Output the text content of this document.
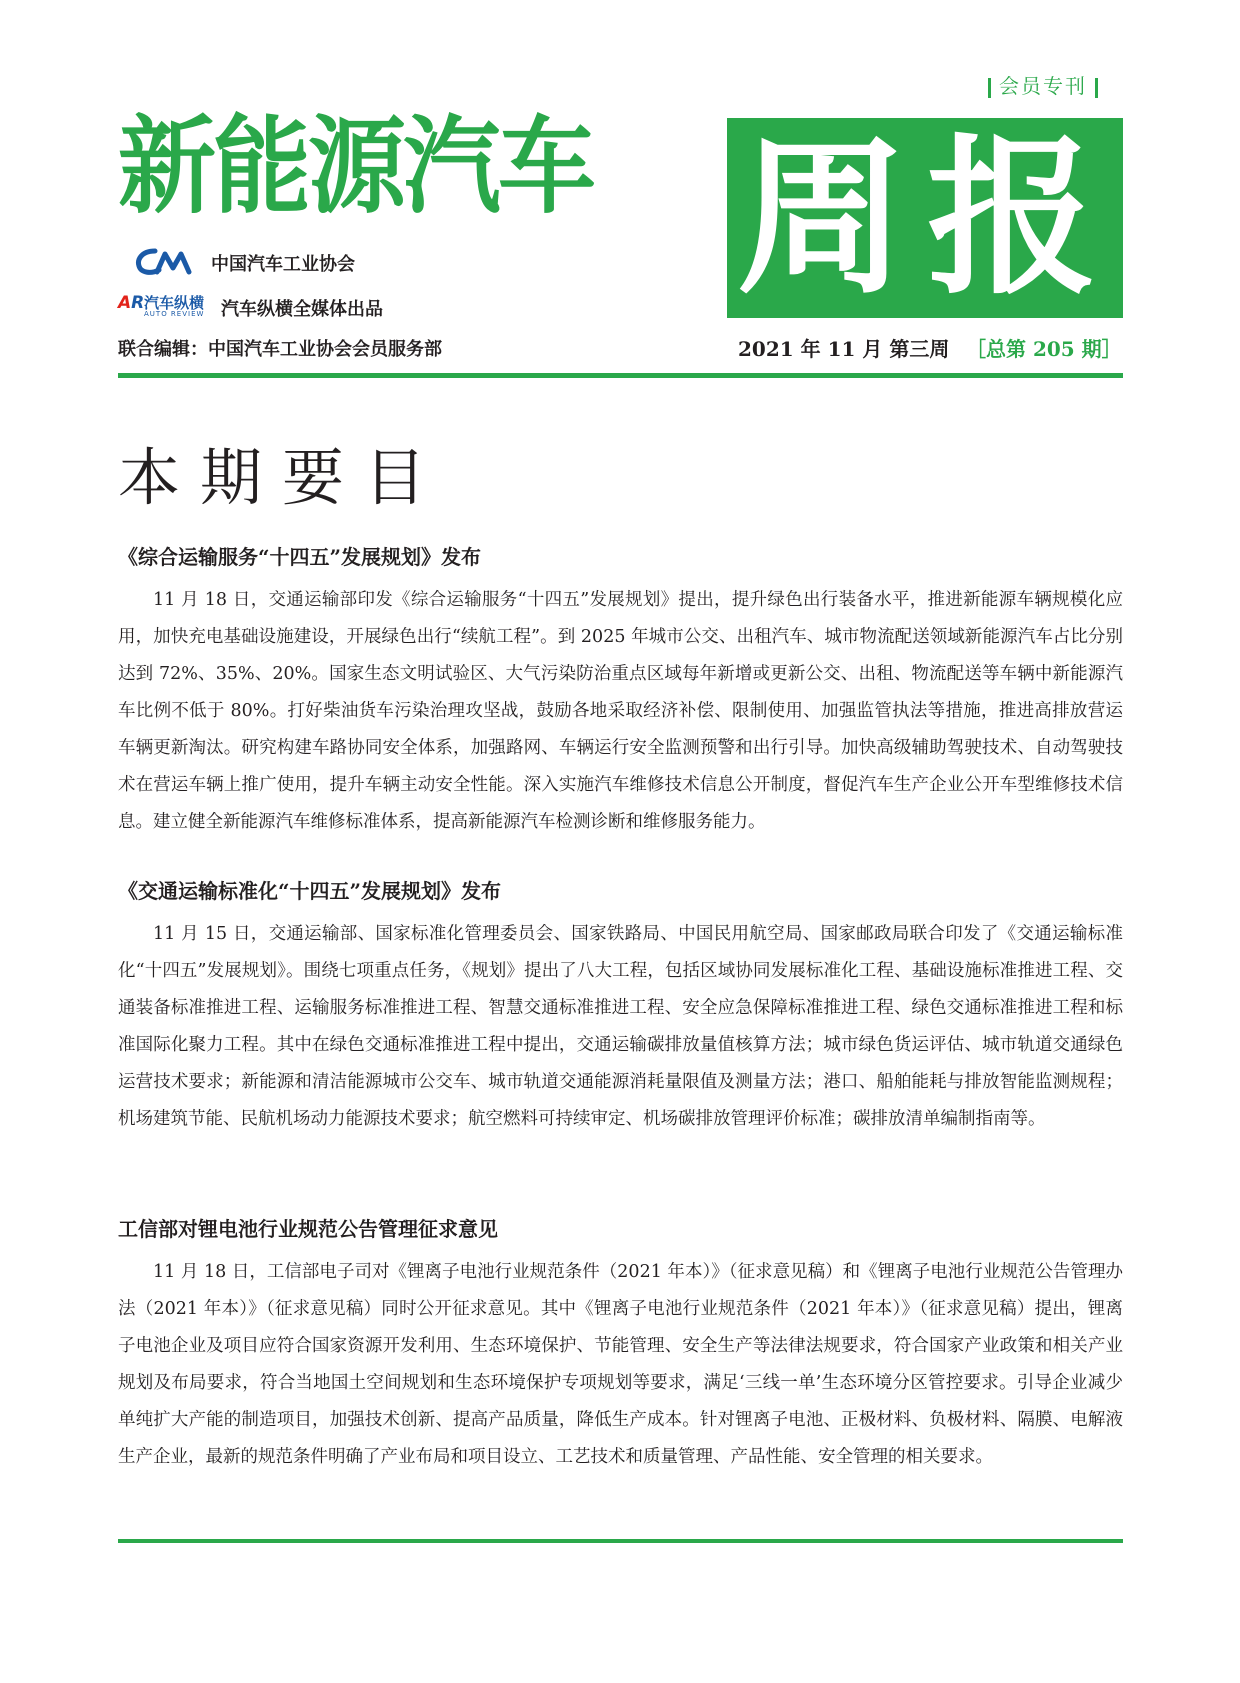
会员专刊
新能源汽车 周 报
中国汽车工业协会
AR 汽车纵横
AUTO REVIEW 汽车纵横全媒体出品
联合编辑：中国汽车工业协会会员服务部	2021 年 11 月 第三周 ［总第 205 期］
本期要目
《综合运输服务“十四五”发展规划》发布

11 月 18 日，交通运输部印发《综合运输服务“十四五”发展规划》提出，提升绿色出行装备水平，推进新能源车辆规模化应用，加快充电基础设施建设，开展绿色出行“续航工程”。到 2025 年城市公交、出租汽车、城市物流配送领域新能源汽车占比分别达到 72%、35%、20%。国家生态文明试验区、大气污染防治重点区域每年新增或更新公交、出租、物流配送等车辆中新能源汽车比例不低于 80%。打好柴油货车污染治理攻坚战，鼓励各地采取经济补偿、限制使用、加强监管执法等措施，推进高排放营运车辆更新淘汰。研究构建车路协同安全体系，加强路网、车辆运行安全监测预警和出行引导。加快高级辅助驾驶技术、自动驾驶技术在营运车辆上推广使用，提升车辆主动安全性能。深入实施汽车维修技术信息公开制度，督促汽车生产企业公开车型维修技术信息。建立健全新能源汽车维修标准体系，提高新能源汽车检测诊断和维修服务能力。

《交通运输标准化“十四五”发展规划》发布

11 月 15 日，交通运输部、国家标准化管理委员会、国家铁路局、中国民用航空局、国家邮政局联合印发了《交通运输标准化“十四五”发展规划》。围绕七项重点任务，《规划》提出了八大工程，包括区域协同发展标准化工程、基础设施标准推进工程、交通装备标准推进工程、运输服务标准推进工程、智慧交通标准推进工程、安全应急保障标准推进工程、绿色交通标准推进工程和标准国际化聚力工程。其中在绿色交通标准推进工程中提出，交通运输碳排放量值核算方法；城市绿色货运评估、城市轨道交通绿色运营技术要求；新能源和清洁能源城市公交车、城市轨道交通能源消耗量限值及测量方法；港口、船舶能耗与排放智能监测规程；机场建筑节能、民航机场动力能源技术要求；航空燃料可持续审定、机场碳排放管理评价标准；碳排放清单编制指南等。

工信部对锂电池行业规范公告管理征求意见

11 月 18 日，工信部电子司对《锂离子电池行业规范条件（2021 年本）》（征求意见稿）和《锂离子电池行业规范公告管理办法（2021 年本）》（征求意见稿）同时公开征求意见。其中《锂离子电池行业规范条件（2021 年本）》（征求意见稿）提出，锂离子电池企业及项目应符合国家资源开发利用、生态环境保护、节能管理、安全生产等法律法规要求，符合国家产业政策和相关产业规划及布局要求，符合当地国土空间规划和生态环境保护专项规划等要求，满足‘三线一单’生态环境分区管控要求。引导企业减少单纯扩大产能的制造项目，加强技术创新、提高产品质量，降低生产成本。针对锂离子电池、正极材料、负极材料、隔膜、电解液生产企业，最新的规范条件明确了产业布局和项目设立、工艺技术和质量管理、产品性能、安全管理的相关要求。
